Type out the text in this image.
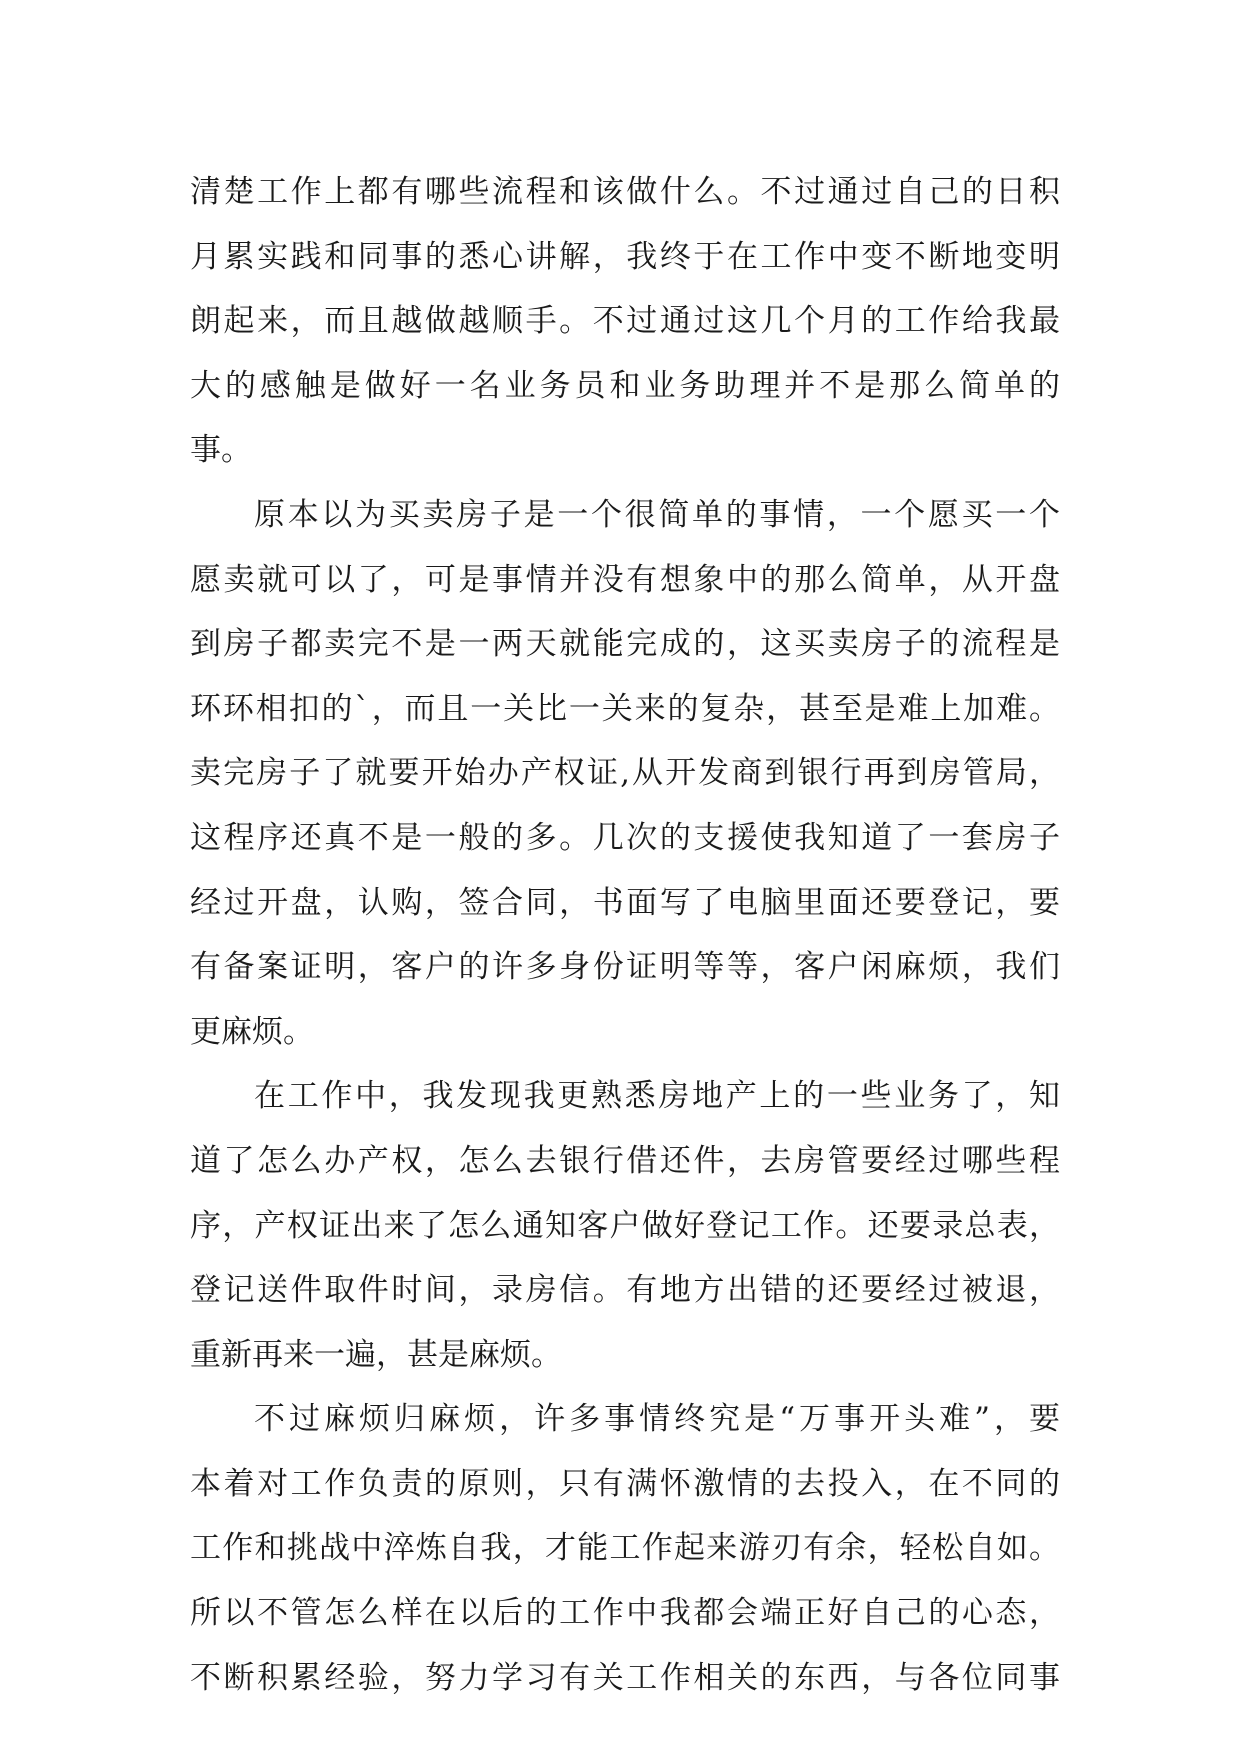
清楚工作上都有哪些流程和该做什么。不过通过自己的日积
月累实践和同事的悉心讲解，我终于在工作中变不断地变明
朗起来，而且越做越顺手。不过通过这几个月的工作给我最
大的感触是做好一名业务员和业务助理并不是那么简单的
事。
原本以为买卖房子是一个很简单的事情，一个愿买一个
愿卖就可以了，可是事情并没有想象中的那么简单，从开盘
到房子都卖完不是一两天就能完成的，这买卖房子的流程是
环环相扣的`，而且一关比一关来的复杂，甚至是难上加难。
卖完房子了就要开始办产权证,从开发商到银行再到房管局，
这程序还真不是一般的多。几次的支援使我知道了一套房子
经过开盘，认购，签合同，书面写了电脑里面还要登记，要
有备案证明，客户的许多身份证明等等，客户闲麻烦，我们
更麻烦。
在工作中，我发现我更熟悉房地产上的一些业务了，知
道了怎么办产权，怎么去银行借还件，去房管要经过哪些程
序，产权证出来了怎么通知客户做好登记工作。还要录总表，
登记送件取件时间，录房信。有地方出错的还要经过被退，
重新再来一遍，甚是麻烦。
不过麻烦归麻烦，许多事情终究是“万事开头难”，要
本着对工作负责的原则，只有满怀激情的去投入，在不同的
工作和挑战中淬炼自我，才能工作起来游刃有余，轻松自如。
所以不管怎么样在以后的工作中我都会端正好自己的心态，
不断积累经验，努力学习有关工作相关的东西，与各位同事
